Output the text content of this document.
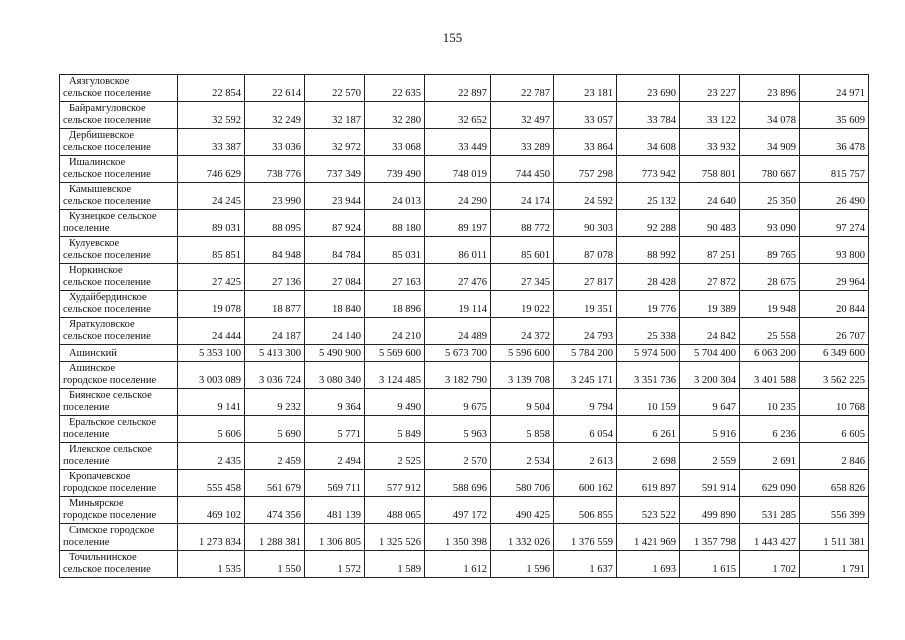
155
Аязгуловское
сельское поселение	22 854	22 614	22 570	22 635	22 897	22 787	23 181	23 690	23 227	23 896	24 971

Байрамгуловское
сельское поселение	32 592	32 249	32 187	32 280	32 652	32 497	33 057	33 784	33 122	34 078	35 609

Дербишевское
сельское поселение	33 387	33 036	32 972	33 068	33 449	33 289	33 864	34 608	33 932	34 909	36 478

Ишалинское
сельское поселение	746 629	738 776	737 349	739 490	748 019	744 450	757 298	773 942	758 801	780 667	815 757

Камышевское
сельское поселение	24 245	23 990	23 944	24 013	24 290	24 174	24 592	25 132	24 640	25 350	26 490

Кузнецкое сельское
поселение	89 031	88 095	87 924	88 180	89 197	88 772	90 303	92 288	90 483	93 090	97 274

Кулуевское
сельское поселение	85 851	84 948	84 784	85 031	86 011	85 601	87 078	88 992	87 251	89 765	93 800

Норкинское
сельское поселение	27 425	27 136	27 084	27 163	27 476	27 345	27 817	28 428	27 872	28 675	29 964

Худайбердинское
сельское поселение	19 078	18 877	18 840	18 896	19 114	19 022	19 351	19 776	19 389	19 948	20 844

Яраткуловское
сельское поселение	24 444	24 187	24 140	24 210	24 489	24 372	24 793	25 338	24 842	25 558	26 707

Ашинский	5 353 100	5 413 300	5 490 900	5 569 600	5 673 700	5 596 600	5 784 200	5 974 500	5 704 400	6 063 200	6 349 600

Ашинское
городское поселение	3 003 089	3 036 724	3 080 340	3 124 485	3 182 790	3 139 708	3 245 171	3 351 736	3 200 304	3 401 588	3 562 225

Биянское сельское
поселение	9 141	9 232	9 364	9 490	9 675	9 504	9 794	10 159	9 647	10 235	10 768

Еральское сельское
поселение	5 606	5 690	5 771	5 849	5 963	5 858	6 054	6 261	5 916	6 236	6 605

Илекское сельское
поселение	2 435	2 459	2 494	2 525	2 570	2 534	2 613	2 698	2 559	2 691	2 846

Кропачевское
городское поселение	555 458	561 679	569 711	577 912	588 696	580 706	600 162	619 897	591 914	629 090	658 826

Миньярское
городское поселение	469 102	474 356	481 139	488 065	497 172	490 425	506 855	523 522	499 890	531 285	556 399

Симское городское
поселение	1 273 834	1 288 381	1 306 805	1 325 526	1 350 398	1 332 026	1 376 559	1 421 969	1 357 798	1 443 427	1 511 381

Точильнинское
сельское поселение	1 535	1 550	1 572	1 589	1 612	1 596	1 637	1 693	1 615	1 702	1 791
